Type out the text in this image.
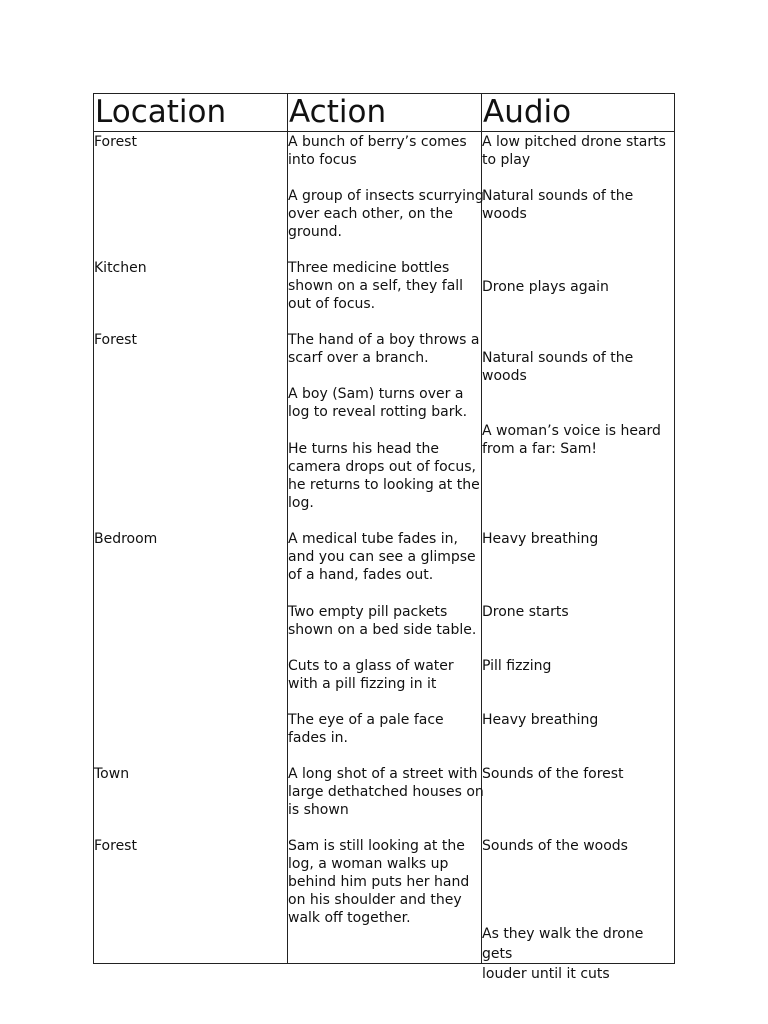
Location Action	Audio
Forest
Kitchen
Forest
Bedroom
Town
Forest
A bunch of berry’s comes
into focus
A group of insects scurrying
over each other, on the
ground.
Three medicine bottles
shown on a self, they fall
out of focus.
The hand of a boy throws a
scarf over a branch.
A boy (Sam) turns over a
log to reveal rotting bark.
He turns his head the
camera drops out of focus,
he returns to looking at the
log.
A medical tube fades in,
and you can see a glimpse
of a hand, fades out.
Two empty pill packets
shown on a bed side table.
Cuts to a glass of water
with a pill fizzing in it
The eye of a pale face
fades in.
A long shot of a street with
large dethatched houses on
is shown
Sam is still looking at the
log, a woman walks up
behind him puts her hand
on his shoulder and they
walk off together.
A low pitched drone starts
to play
Natural sounds of the
woods
Drone plays again
Natural sounds of the
woods
A woman’s voice is heard
from a far: Sam!
Heavy breathing
Drone starts
Pill fizzing
Heavy breathing
Sounds of the forest
Sounds of the woods
As they walk the drone gets
louder until it cuts
